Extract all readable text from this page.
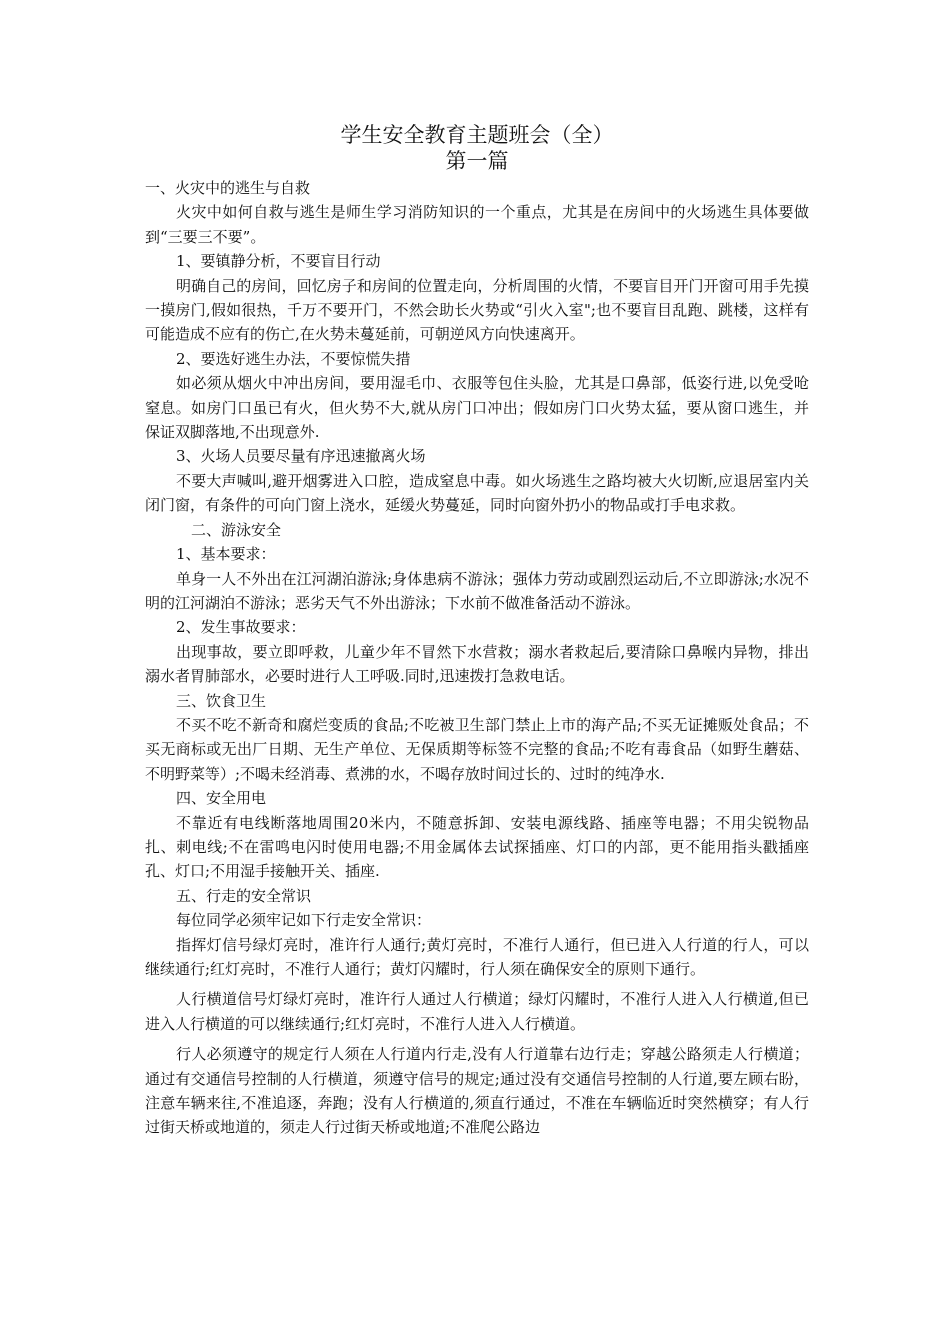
学生安全教育主题班会（全）
第一篇

一、火灾中的逃生与自救

火灾中如何自救与逃生是师生学习消防知识的一个重点，尤其是在房间中的火场逃生具体要做到“三要三不要”。

1、要镇静分析，不要盲目行动

明确自己的房间，回忆房子和房间的位置走向，分析周围的火情，不要盲目开门开窗可用手先摸一摸房门,假如很热，千万不要开门，不然会助长火势或“引火入室";也不要盲目乱跑、跳楼，这样有可能造成不应有的伤亡,在火势未蔓延前，可朝逆风方向快速离开。

2、要选好逃生办法，不要惊慌失措

如必须从烟火中冲出房间，要用湿毛巾、衣服等包住头脸，尤其是口鼻部，低姿行进,以免受呛窒息。如房门口虽已有火，但火势不大,就从房门口冲出；假如房门口火势太猛，要从窗口逃生，并保证双脚落地,不出现意外.

3、火场人员要尽量有序迅速撤离火场

不要大声喊叫,避开烟雾进入口腔，造成窒息中毒。如火场逃生之路均被大火切断,应退居室内关闭门窗，有条件的可向门窗上浇水，延缓火势蔓延，同时向窗外扔小的物品或打手电求救。

二、游泳安全

1、基本要求：

单身一人不外出在江河湖泊游泳;身体患病不游泳；强体力劳动或剧烈运动后,不立即游泳;水况不明的江河湖泊不游泳；恶劣天气不外出游泳；下水前不做准备活动不游泳。

2、发生事故要求：

出现事故，要立即呼救，儿童少年不冒然下水营救；溺水者救起后,要清除口鼻喉内异物，排出溺水者胃肺部水，必要时进行人工呼吸.同时,迅速拨打急救电话。

三、饮食卫生

不买不吃不新奇和腐烂变质的食品;不吃被卫生部门禁止上市的海产品;不买无证摊贩处食品；不买无商标或无出厂日期、无生产单位、无保质期等标签不完整的食品;不吃有毒食品（如野生蘑菇、不明野菜等）;不喝未经消毒、煮沸的水，不喝存放时间过长的、过时的纯净水.

四、安全用电

不靠近有电线断落地周围20米内，不随意拆卸、安装电源线路、插座等电器；不用尖锐物品扎、刺电线;不在雷鸣电闪时使用电器;不用金属体去试探插座、灯口的内部，更不能用指头戳插座孔、灯口;不用湿手接触开关、插座.

五、行走的安全常识

每位同学必须牢记如下行走安全常识：

指挥灯信号绿灯亮时，准许行人通行;黄灯亮时，不准行人通行，但已进入人行道的行人，可以继续通行;红灯亮时，不准行人通行；黄灯闪耀时，行人须在确保安全的原则下通行。

人行横道信号灯绿灯亮时，准许行人通过人行横道；绿灯闪耀时，不准行人进入人行横道,但已进入人行横道的可以继续通行;红灯亮时，不准行人进入人行横道。

行人必须遵守的规定行人须在人行道内行走,没有人行道靠右边行走；穿越公路须走人行横道；通过有交通信号控制的人行横道，须遵守信号的规定;通过没有交通信号控制的人行道,要左顾右盼，注意车辆来往,不准追逐，奔跑；没有人行横道的,须直行通过，不准在车辆临近时突然横穿；有人行过街天桥或地道的，须走人行过街天桥或地道;不准爬公路边
